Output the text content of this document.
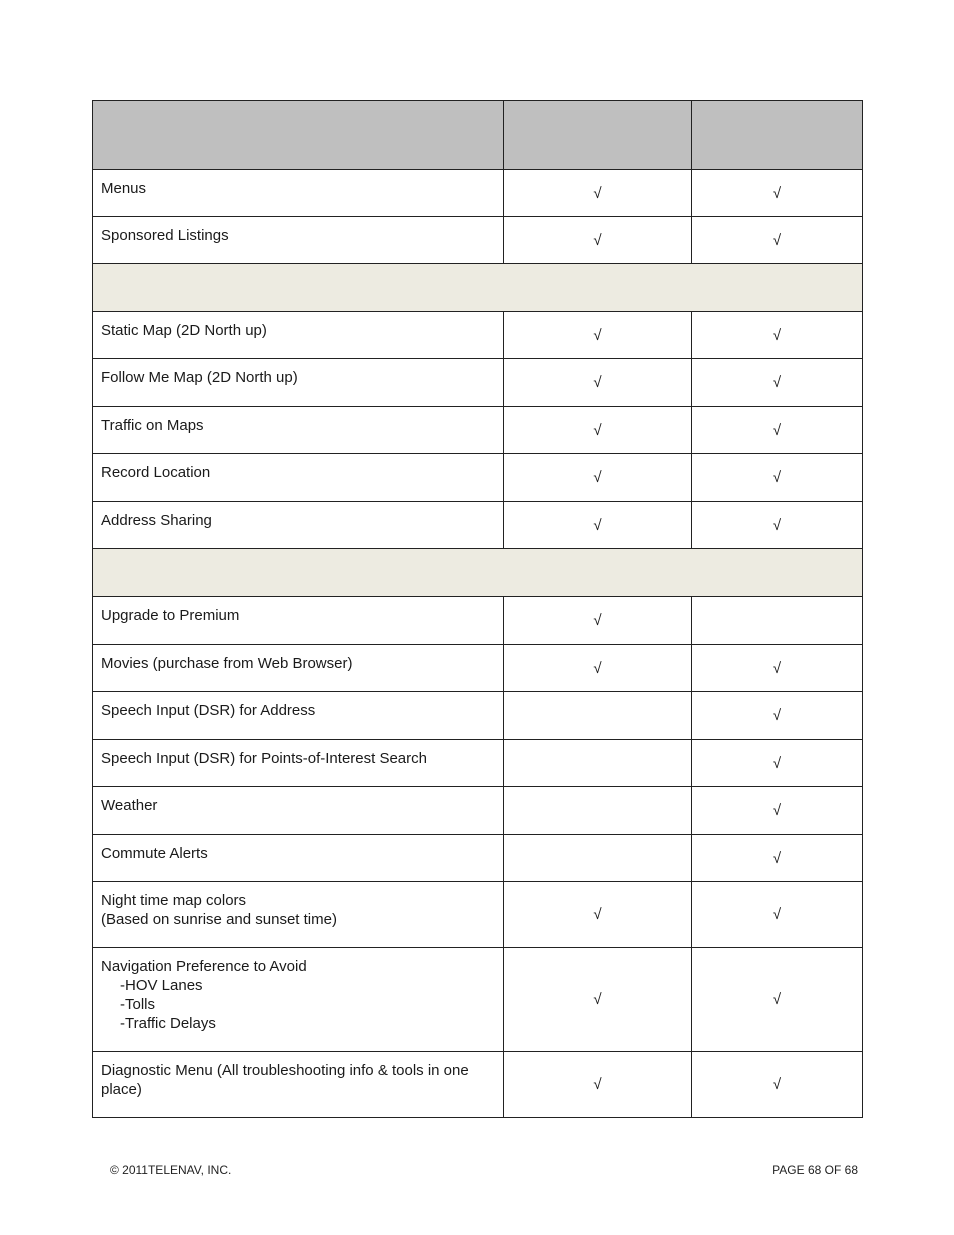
Menus	√	√

Sponsored Listings	√	√

Static Map (2D North up)	√	√

Follow Me Map (2D North up)	√	√

Traffic on Maps	√	√

Record Location	√	√

Address Sharing	√	√

Upgrade to Premium	√	

Movies (purchase from Web Browser)	√	√

Speech Input (DSR) for Address		√

Speech Input (DSR) for Points-of-Interest Search		√

Weather		√

Commute Alerts		√

Night time map colors
(Based on sunrise and sunset time)	√	√

Navigation Preference to Avoid
-HOV Lanes
-Tolls
-Traffic Delays	√	√

Diagnostic Menu (All troubleshooting info & tools in one place)	√	√
© 2011TELENAV, INC.	PAGE 68 OF 68
